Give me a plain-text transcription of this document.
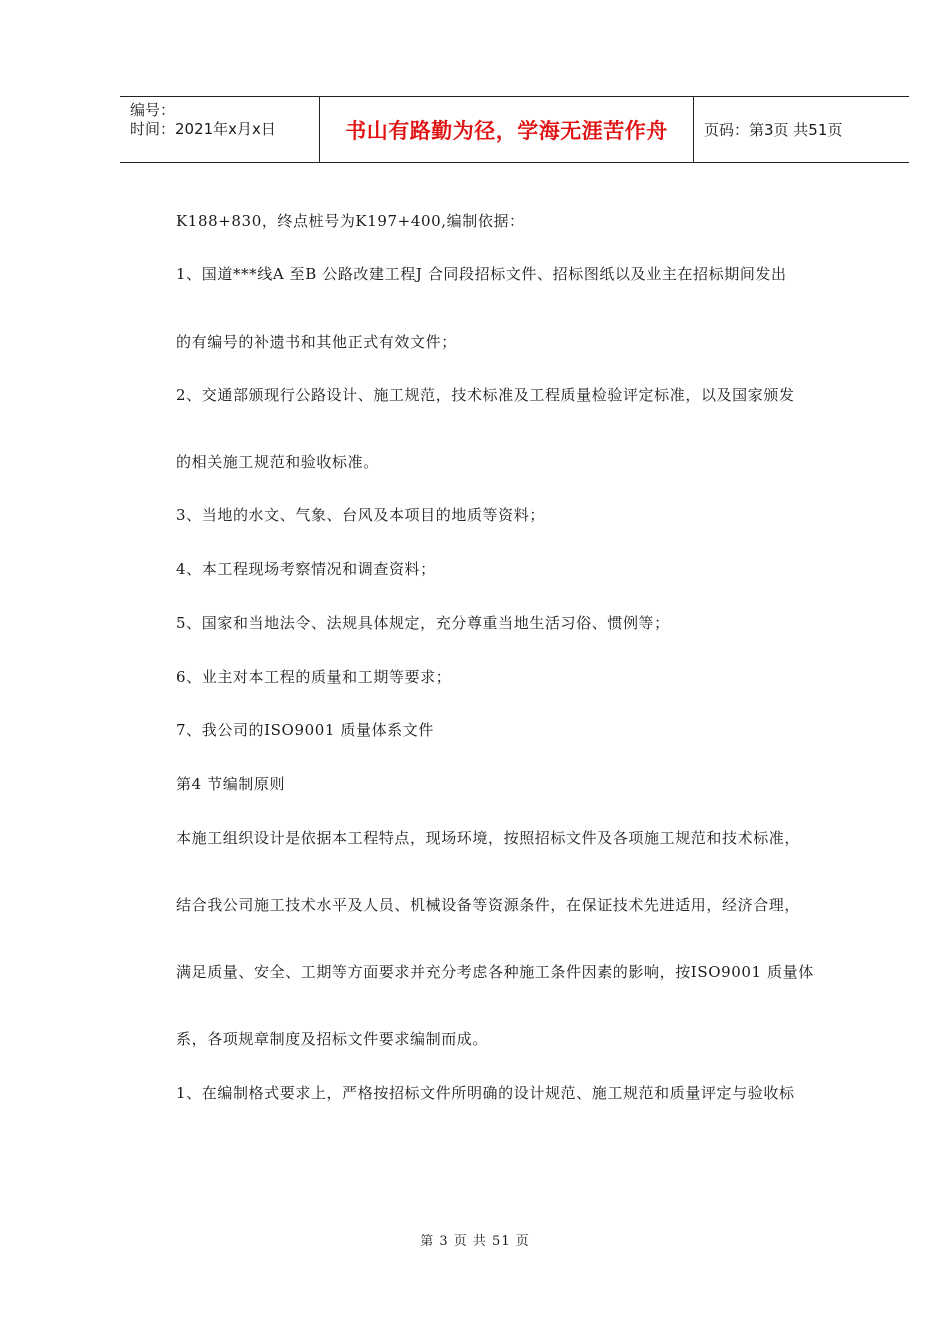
编号：
时间：2021年x月x日	书山有路勤为径，学海无涯苦作舟 页码：第3页 共51页
K188+830，终点桩号为K197+400,编制依据：
1、国道***线A 至B 公路改建工程J 合同段招标文件、招标图纸以及业主在招标期间发出
的有编号的补遗书和其他正式有效文件；
2、交通部颁现行公路设计、施工规范，技术标准及工程质量检验评定标准，以及国家颁发
的相关施工规范和验收标准。
3、当地的水文、气象、台风及本项目的地质等资料；
4、本工程现场考察情况和调查资料；
5、国家和当地法令、法规具体规定，充分尊重当地生活习俗、惯例等；
6、业主对本工程的质量和工期等要求；
7、我公司的ISO9001 质量体系文件
第4 节编制原则
本施工组织设计是依据本工程特点，现场环境，按照招标文件及各项施工规范和技术标准，
结合我公司施工技术水平及人员、机械设备等资源条件，在保证技术先进适用，经济合理，
满足质量、安全、工期等方面要求并充分考虑各种施工条件因素的影响，按ISO9001 质量体
系，各项规章制度及招标文件要求编制而成。
1、在编制格式要求上，严格按招标文件所明确的设计规范、施工规范和质量评定与验收标
第 3 页 共 51 页
